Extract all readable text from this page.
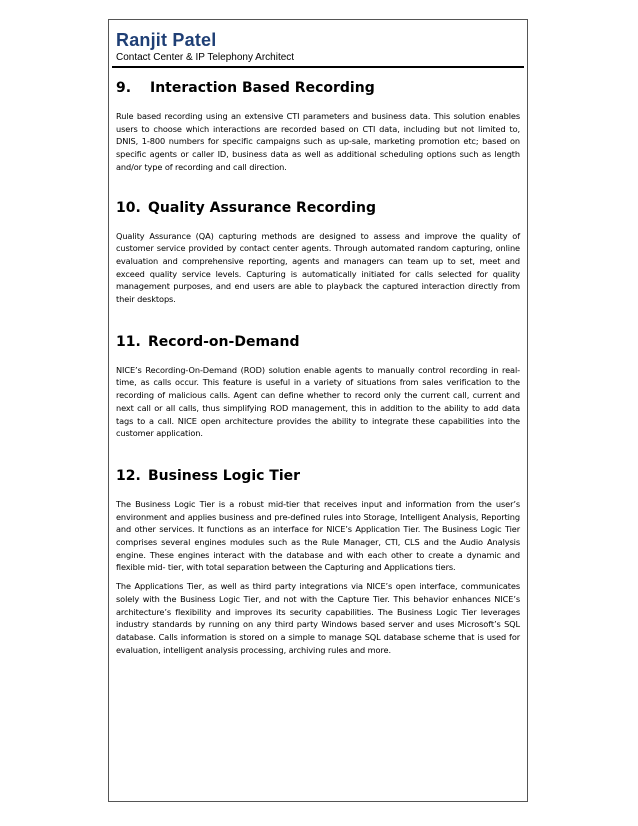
Ranjit Patel
Contact Center & IP Telephony Architect
9.	Interaction Based Recording

Rule based recording using an extensive CTI parameters and business data. This solution enables users to choose which interactions are recorded based on CTI data, including but not limited to, DNIS, 1-800 numbers for specific campaigns such as up-sale, marketing promotion etc; based on specific agents or caller ID, business data as well as additional scheduling options such as length and/or type of recording and call direction.

10. Quality Assurance Recording

Quality Assurance (QA) capturing methods are designed to assess and improve the quality of customer service provided by contact center agents. Through automated random capturing, online evaluation and comprehensive reporting, agents and managers can team up to set, meet and exceed quality service levels. Capturing is automatically initiated for calls selected for quality management purposes, and end users are able to playback the captured interaction directly from their desktops.

11. Record-on-Demand

NICE’s Recording-On-Demand (ROD) solution enable agents to manually control recording in real-time, as calls occur. This feature is useful in a variety of situations from sales verification to the recording of malicious calls. Agent can define whether to record only the current call, current and next call or all calls, thus simplifying ROD management, this in addition to the ability to add data tags to a call. NICE open architecture provides the ability to integrate these capabilities into the customer application.

12. Business Logic Tier

The Business Logic Tier is a robust mid-tier that receives input and information from the user’s environment and applies business and pre-defined rules into Storage, Intelligent Analysis, Reporting and other services. It functions as an interface for NICE’s Application Tier. The Business Logic Tier comprises several engines modules such as the Rule Manager, CTI, CLS and the Audio Analysis engine. These engines interact with the database and with each other to create a dynamic and flexible mid- tier, with total separation between the Capturing and Applications tiers.

The Applications Tier, as well as third party integrations via NICE’s open interface, communicates solely with the Business Logic Tier, and not with the Capture Tier. This behavior enhances NICE’s architecture’s flexibility and improves its security capabilities. The Business Logic Tier leverages industry standards by running on any third party Windows based server and uses Microsoft’s SQL database. Calls information is stored on a simple to manage SQL database scheme that is used for evaluation, intelligent analysis processing, archiving rules and more.
